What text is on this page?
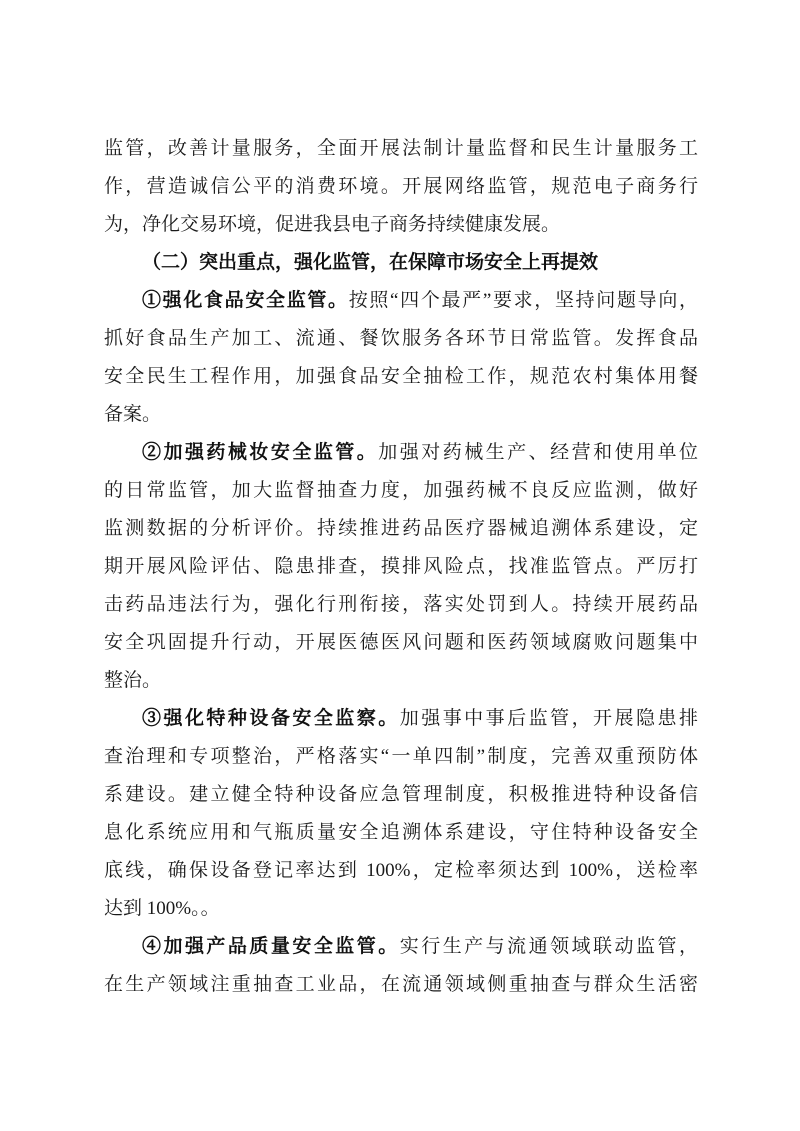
监管，改善计量服务，全面开展法制计量监督和民生计量服务工
作，营造诚信公平的消费环境。开展网络监管，规范电子商务行
为，净化交易环境，促进我县电子商务持续健康发展。
（二）突出重点，强化监管，在保障市场安全上再提效
①强化食品安全监管。按照“四个最严”要求，坚持问题导向，
抓好食品生产加工、流通、餐饮服务各环节日常监管。发挥食品
安全民生工程作用，加强食品安全抽检工作，规范农村集体用餐
备案。
②加强药械妆安全监管。加强对药械生产、经营和使用单位
的日常监管，加大监督抽查力度，加强药械不良反应监测，做好
监测数据的分析评价。持续推进药品医疗器械追溯体系建设，定
期开展风险评估、隐患排查，摸排风险点，找准监管点。严厉打
击药品违法行为，强化行刑衔接，落实处罚到人。持续开展药品
安全巩固提升行动，开展医德医风问题和医药领域腐败问题集中
整治。
③强化特种设备安全监察。加强事中事后监管，开展隐患排
查治理和专项整治，严格落实“一单四制”制度，完善双重预防体
系建设。建立健全特种设备应急管理制度，积极推进特种设备信
息化系统应用和气瓶质量安全追溯体系建设，守住特种设备安全
底线，确保设备登记率达到 100%，定检率须达到 100%，送检率
达到 100%。。
④加强产品质量安全监管。实行生产与流通领域联动监管，
在生产领域注重抽查工业品，在流通领域侧重抽查与群众生活密
